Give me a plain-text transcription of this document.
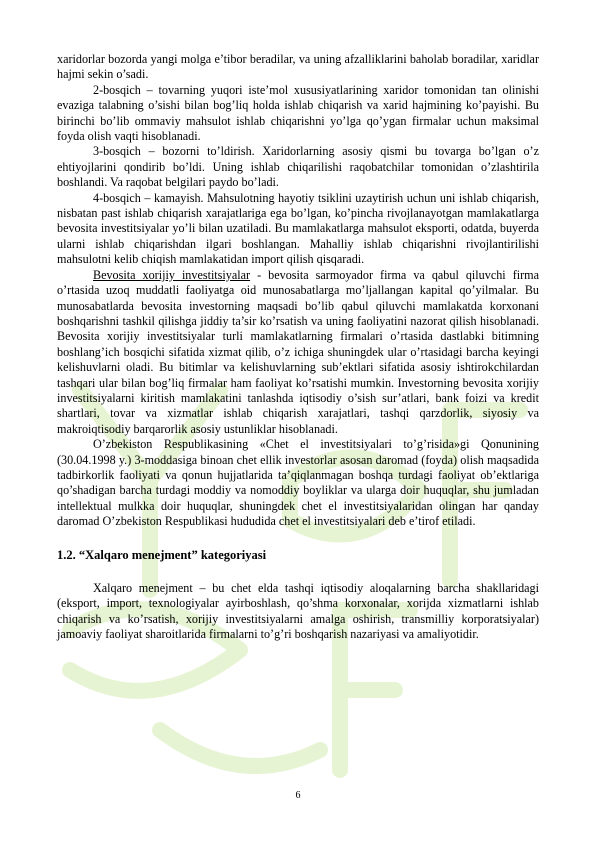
xaridorlar bozorda yangi molga e’tibor beradilar, va uning afzalliklarini baholab boradilar, xaridlar hajmi sekin o’sadi.

2-bosqich – tovarning yuqori iste’mol xususiyatlarining xaridor tomonidan tan olinishi evaziga talabning o’sishi bilan bog’liq holda ishlab chiqarish va xarid hajmining ko’payishi. Bu birinchi bo’lib ommaviy mahsulot ishlab chiqarishni yo’lga qo’ygan firmalar uchun maksimal foyda olish vaqti hisoblanadi.

3-bosqich – bozorni to’ldirish. Xaridorlarning asosiy qismi bu tovarga bo’lgan o’z ehtiyojlarini qondirib bo’ldi. Uning ishlab chiqarilishi raqobatchilar tomonidan o’zlashtirila boshlandi. Va raqobat belgilari paydo bo’ladi.

4-bosqich – kamayish. Mahsulotning hayotiy tsiklini uzaytirish uchun uni ishlab chiqarish, nisbatan past ishlab chiqarish xarajatlariga ega bo’lgan, ko’pincha rivojlanayotgan mamlakatlarga bevosita investitsiyalar yo’li bilan uzatiladi. Bu mamlakatlarga mahsulot eksporti, odatda, buyerda ularni ishlab chiqarishdan ilgari boshlangan. Mahalliy ishlab chiqarishni rivojlantirilishi mahsulotni kelib chiqish mamlakatidan import qilish qisqaradi.

Bevosita xorijiy investitsiyalar - bevosita sarmoyador firma va qabul qiluvchi firma o’rtasida uzoq muddatli faoliyatga oid munosabatlarga mo’ljallangan kapital qo’yilmalar. Bu munosabatlarda bevosita investorning maqsadi bo’lib qabul qiluvchi mamlakatda korxonani boshqarishni tashkil qilishga jiddiy ta’sir ko’rsatish va uning faoliyatini nazorat qilish hisoblanadi. Bevosita xorijiy investitsiyalar turli mamlakatlarning firmalari o’rtasida dastlabki bitimning boshlang’ich bosqichi sifatida xizmat qilib, o’z ichiga shuningdek ular o’rtasidagi barcha keyingi kelishuvlarni oladi. Bu bitimlar va kelishuvlarning sub’ektlari sifatida asosiy ishtirokchilardan tashqari ular bilan bog’liq firmalar ham faoliyat ko’rsatishi mumkin. Investorning bevosita xorijiy investitsiyalarni kiritish mamlakatini tanlashda iqtisodiy o’sish sur’atlari, bank foizi va kredit shartlari, tovar va xizmatlar ishlab chiqarish xarajatlari, tashqi qarzdorlik, siyosiy va makroiqtisodiy barqarorlik asosiy ustunliklar hisoblanadi.

O’zbekiston Respublikasining «Chet el investitsiyalari to’g’risida»gi Qonunining (30.04.1998 y.) 3-moddasiga binoan chet ellik investorlar asosan daromad (foyda) olish maqsadida tadbirkorlik faoliyati va qonun hujjatlarida ta’qiqlanmagan boshqa turdagi faoliyat ob’ektlariga qo’shadigan barcha turdagi moddiy va nomoddiy boyliklar va ularga doir huquqlar, shu jumladan intellektual mulkka doir huquqlar, shuningdek chet el investitsiyalaridan olingan har qanday daromad O’zbekiston Respublikasi hududida chet el investitsiyalari deb e’tirof etiladi.

1.2. “Xalqaro menejment” kategoriyasi

Xalqaro menejment – bu chet elda tashqi iqtisodiy aloqalarning barcha shakllaridagi (eksport, import, texnologiyalar ayirboshlash, qo’shma korxonalar, xorijda xizmatlarni ishlab chiqarish va ko’rsatish, xorijiy investitsiyalarni amalga oshirish, transmilliy korporatsiyalar) jamoaviy faoliyat sharoitlarida firmalarni to’g’ri boshqarish nazariyasi va amaliyotidir.

6
